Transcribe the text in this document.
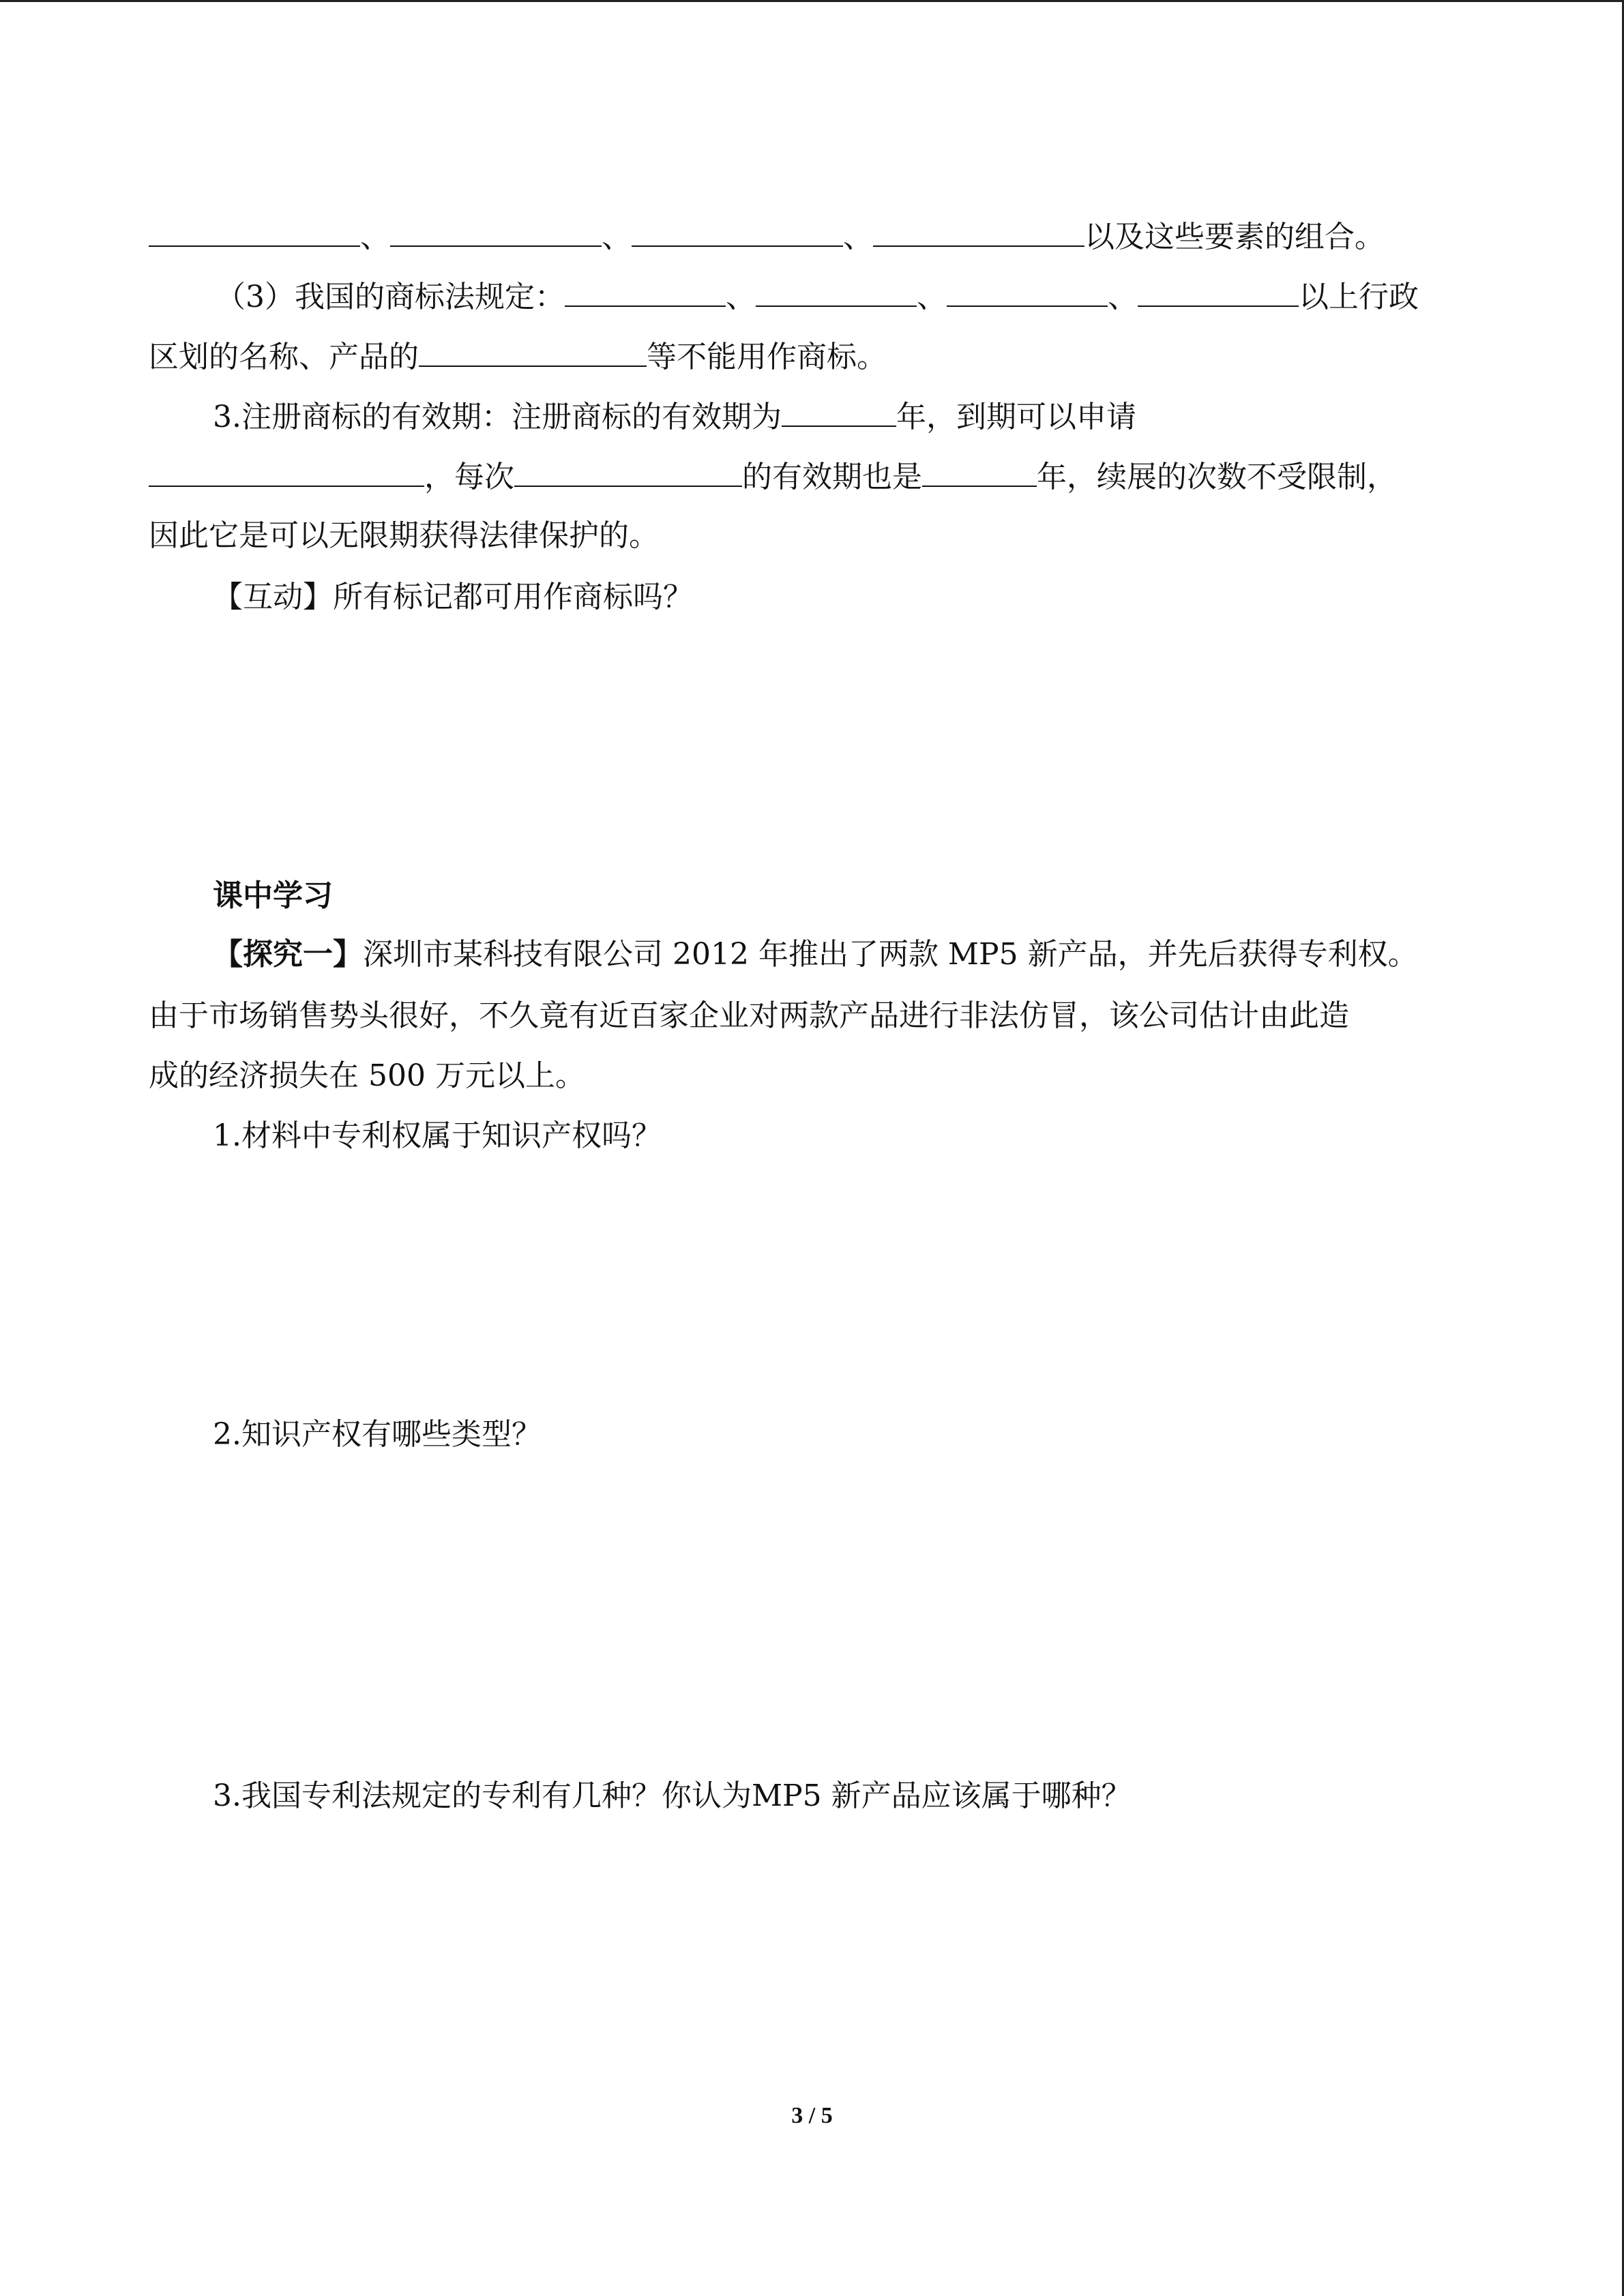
、	、	、	以及这些要素的组合。
（3）我国的商标法规定：	、	、	、	以上行政
区划的名称、产品的	等不能用作商标。
3.注册商标的有效期：注册商标的有效期为	年，到期可以申请
，每次	的有效期也是	年，续展的次数不受限制，
因此它是可以无限期获得法律保护的。
【互动】所有标记都可用作商标吗？
课中学习
【探究一】深圳市某科技有限公司 2012 年推出了两款 MP5 新产品，并先后获得专利权。
由于市场销售势头很好，不久竟有近百家企业对两款产品进行非法仿冒，该公司估计由此造
成的经济损失在 500 万元以上。
1.材料中专利权属于知识产权吗？
2.知识产权有哪些类型？
3.我国专利法规定的专利有几种？你认为MP5 新产品应该属于哪种？
3 / 5
